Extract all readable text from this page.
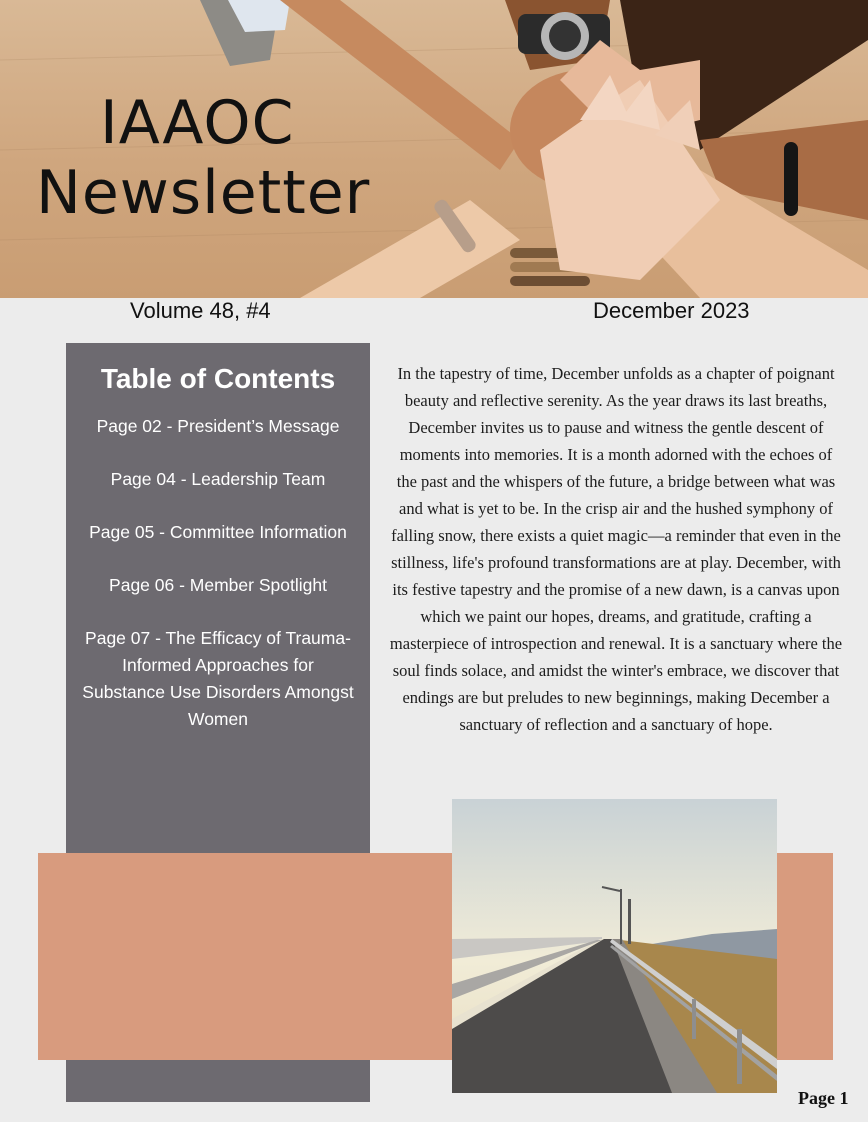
IAAOC
Newsletter
Volume 48, #4	December 2023
Table of Contents
Page 02 - President’s Message
Page 04 - Leadership Team
Page 05 - Committee Information
Page 06 - Member Spotlight
Page 07 - The Efficacy of Trauma-Informed Approaches for Substance Use Disorders Amongst Women

In the tapestry of time, December unfolds as a chapter of poignant beauty and reflective serenity. As the year draws its last breaths, December invites us to pause and witness the gentle descent of moments into memories. It is a month adorned with the echoes of the past and the whispers of the future, a bridge between what was and what is yet to be. In the crisp air and the hushed symphony of falling snow, there exists a quiet magic—a reminder that even in the stillness, life's profound transformations are at play. December, with its festive tapestry and the promise of a new dawn, is a canvas upon which we paint our hopes, dreams, and gratitude, crafting a masterpiece of introspection and renewal. It is a sanctuary where the soul finds solace, and amidst the winter's embrace, we discover that endings are but preludes to new beginnings, making December a sanctuary of reflection and a sanctuary of hope.

Page 1
